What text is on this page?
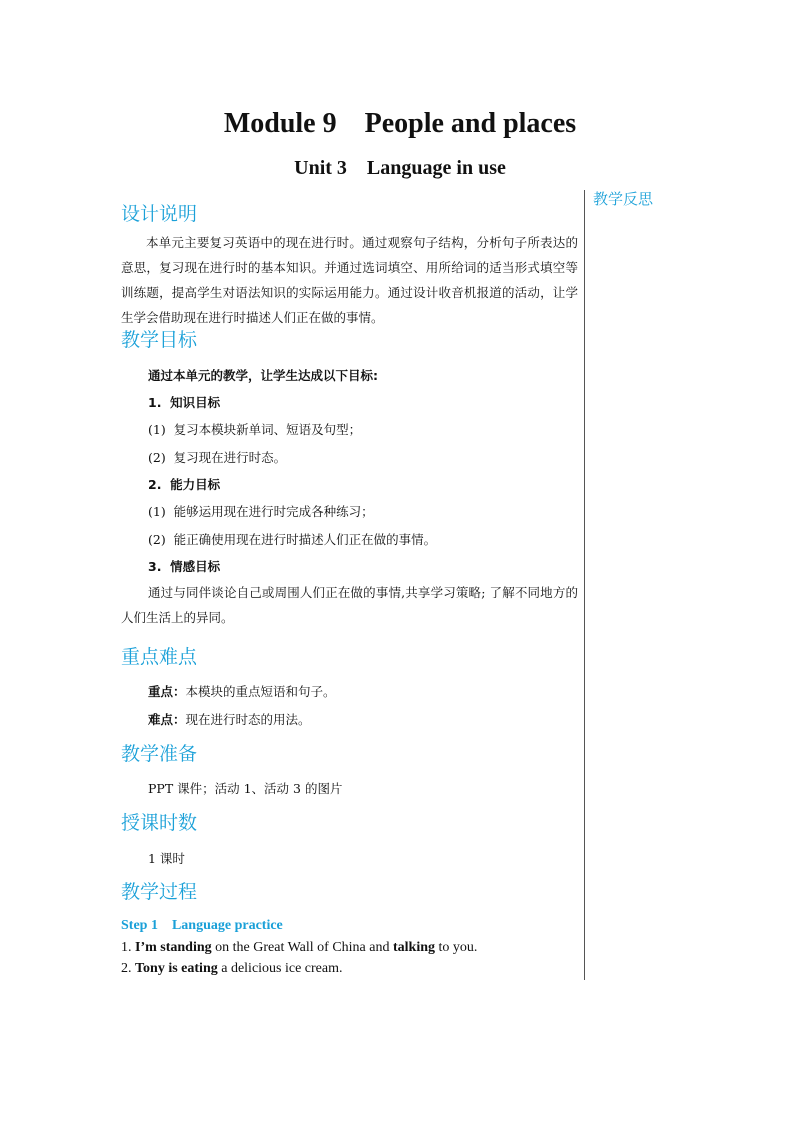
Module 9    People and places
Unit 3    Language in use
教学反思
设计说明

本单元主要复习英语中的现在进行时。通过观察句子结构，分析句子所表达的意思，复习现在进行时的基本知识。并通过选词填空、用所给词的适当形式填空等训练题，提高学生对语法知识的实际运用能力。通过设计收音机报道的活动，让学生学会借助现在进行时描述人们正在做的事情。

教学目标
通过本单元的教学，让学生达成以下目标:
1.  知识目标
(1)  复习本模块新单词、短语及句型；
(2)  复习现在进行时态。
2.  能力目标
(1)  能够运用现在进行时完成各种练习；
(2)  能正确使用现在进行时描述人们正在做的事情。
3.  情感目标

通过与同伴谈论自己或周围人们正在做的事情,共享学习策略; 了解不同地方的人们生活上的异同。

重点难点
重点：本模块的重点短语和句子。
难点：现在进行时态的用法。
教学准备
PPT 课件；活动 1、活动 3 的图片
授课时数
1 课时
教学过程
Step 1    Language practice
1. I’m standing on the Great Wall of China and talking to you.
2. Tony is eating a delicious ice cream.
